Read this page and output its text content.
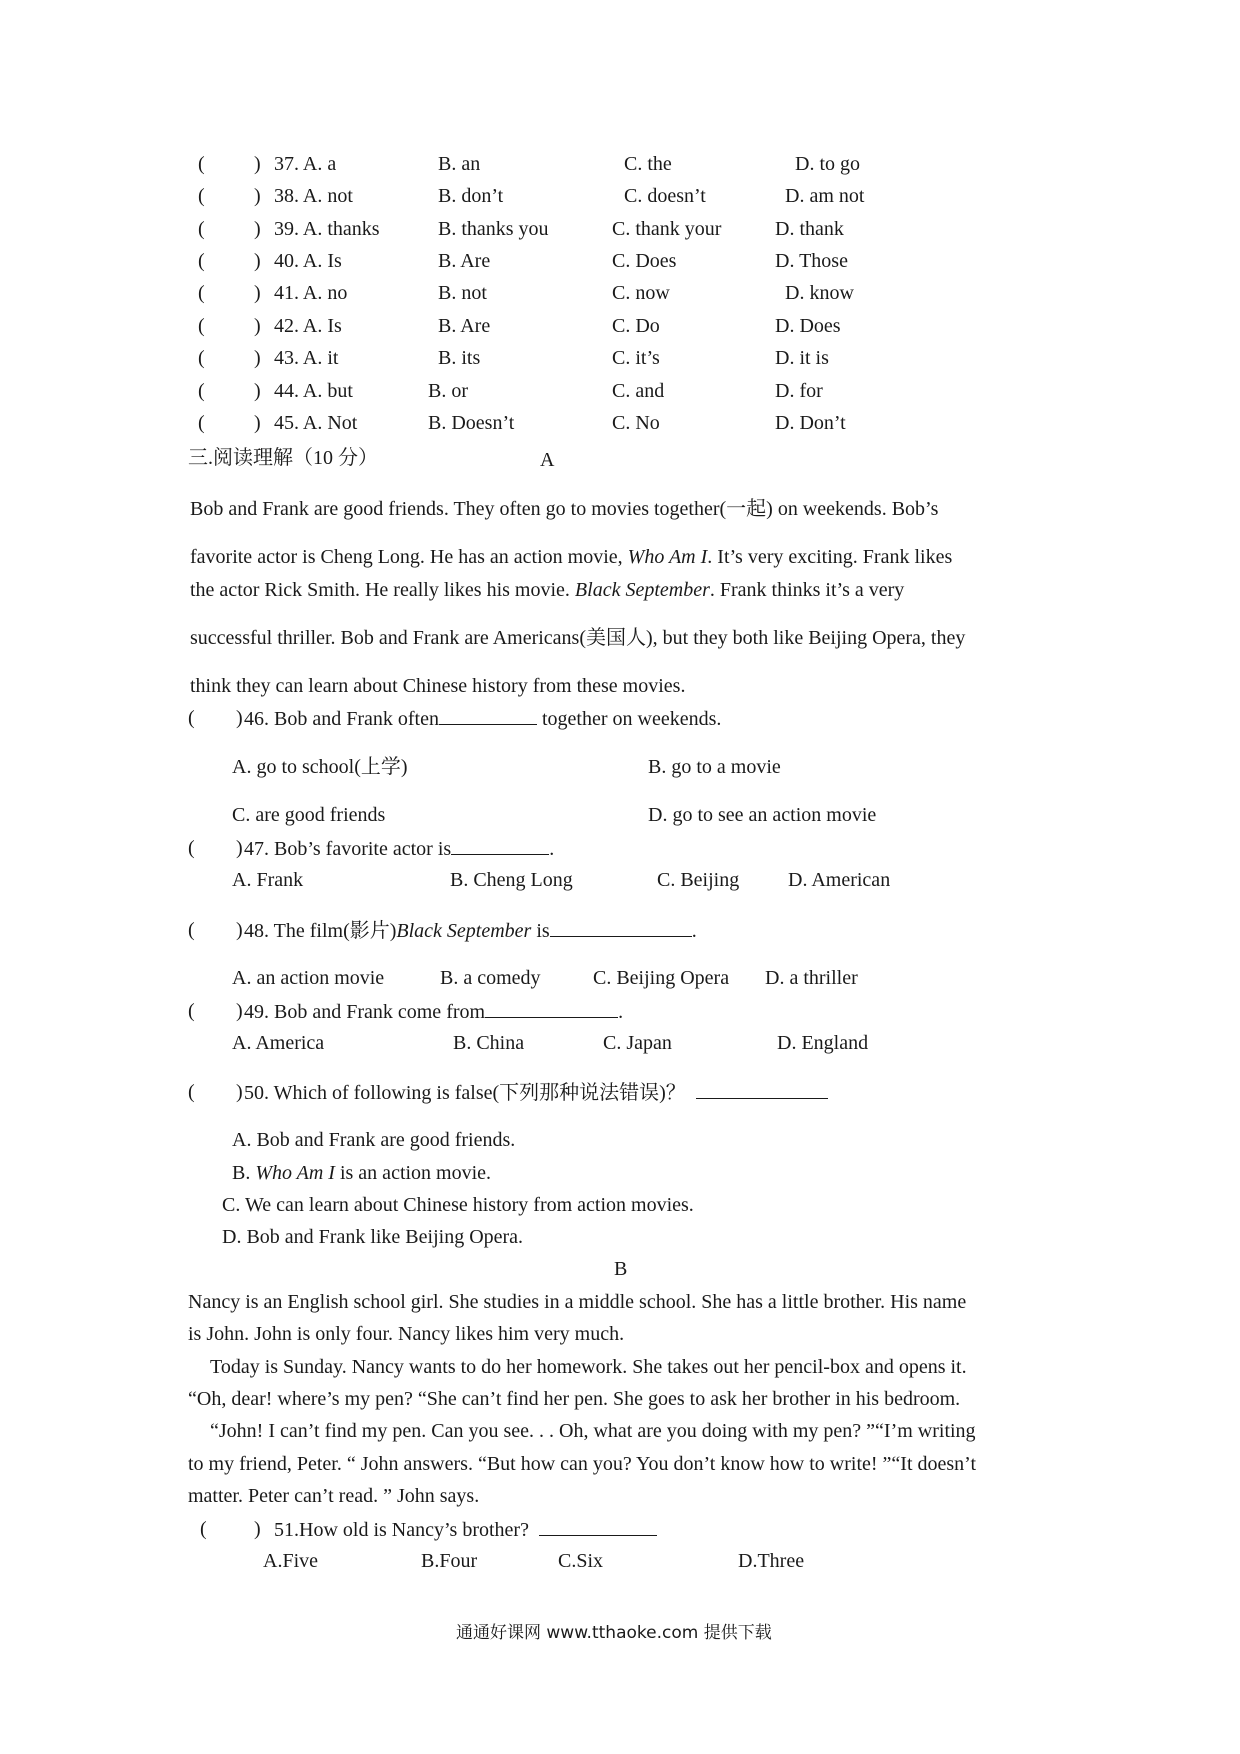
( ) 37. A. a	B. an	C. the	D. to go
( ) 38. A. not	B. don’t	C. doesn’t	D. am not
( ) 39. A. thanks	B. thanks you	C. thank your	D. thank
( ) 40. A. Is	B. Are	C. Does	D. Those
( ) 41. A. no	B. not	C. now	D. know
( ) 42. A. Is	B. Are	C. Do	D. Does
( ) 43. A. it	B. its	C. it’s	D. it is
( ) 44. A. but	B. or	C. and	D. for
( ) 45. A. Not	B. Doesn’t	C. No	D. Don’t
三.阅读理解（10 分）	A
Bob and Frank are good friends. They often go to movies together(一起) on weekends. Bob’s
favorite actor is Cheng Long. He has an action movie, Who Am I. It’s very exciting. Frank likes
the actor Rick Smith. He really likes his movie. Black September. Frank thinks it’s a very
successful thriller. Bob and Frank are Americans(美国人), but they both like Beijing Opera, they
think they can learn about Chinese history from these movies.
( ) 46. Bob and Frank often	together on weekends.
A. go to school(上学)	B. go to a movie
C. are good friends	D. go to see an action movie
( ) 47. Bob’s favorite actor is	.
A. Frank	B. Cheng Long	C. Beijing D. American
( ) 48. The film(影片)Black September is	.
A. an action movie	B. a comedy	C. Beijing Opera D. a thriller
( ) 49. Bob and Frank come from	.
A. America	B. China	C. Japan	D. England
( ) 50. Which of following is false(下列那种说法错误)？
A. Bob and Frank are good friends.
B. Who Am I is an action movie.
C. We can learn about Chinese history from action movies.
D. Bob and Frank like Beijing Opera.
B
Nancy is an English school girl. She studies in a middle school. She has a little brother. His name
is John. John is only four. Nancy likes him very much.
Today is Sunday. Nancy wants to do her homework. She takes out her pencil-box and opens it.
“Oh, dear! where’s my pen? “She can’t find her pen. She goes to ask her brother in his bedroom.
“John! I can’t find my pen. Can you see. . . Oh, what are you doing with my pen? ”“I’m writing
to my friend, Peter. “ John answers. “But how can you? You don’t know how to write! ”“It doesn’t
matter. Peter can’t read. ” John says.
( ) 51.How old is Nancy’s brother?
A.Five	B.Four	C.Six	D.Three
通通好课网 www.tthaoke.com 提供下载
